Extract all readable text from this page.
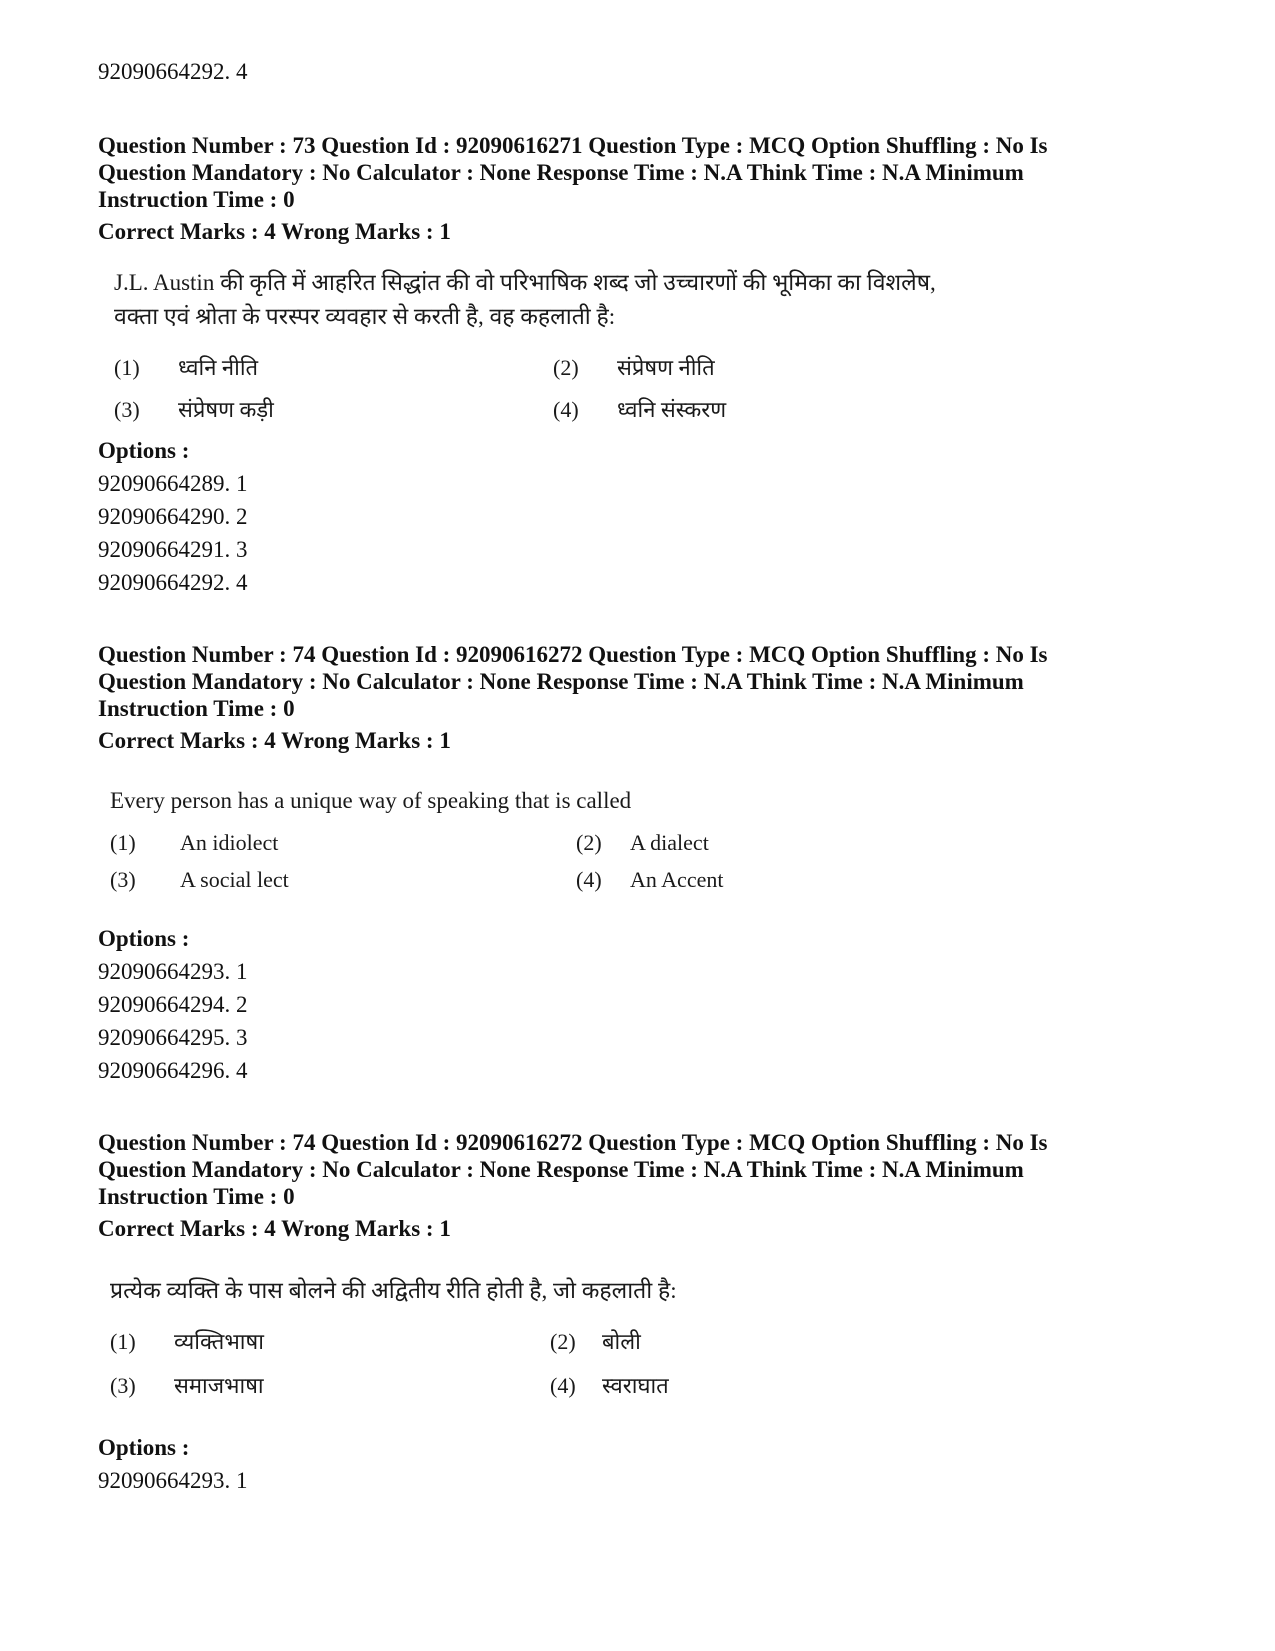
92090664292. 4
Question Number : 73 Question Id : 92090616271 Question Type : MCQ Option Shuffling : No Is
Question Mandatory : No Calculator : None Response Time : N.A Think Time : N.A Minimum
Instruction Time : 0
Correct Marks : 4 Wrong Marks : 1
J.L. Austin की कृति में आहरित सिद्धांत की वो परिभाषिक शब्द जो उच्चारणों की भूमिका का विशलेष,
वक्ता एवं श्रोता के परस्पर व्यवहार से करती है, वह कहलाती है:
(1) ध्वनि नीति	(2) संप्रेषण नीति
(3) संप्रेषण कड़ी	(4) ध्वनि संस्करण
Options :
92090664289. 1
92090664290. 2
92090664291. 3
92090664292. 4
Question Number : 74 Question Id : 92090616272 Question Type : MCQ Option Shuffling : No Is
Question Mandatory : No Calculator : None Response Time : N.A Think Time : N.A Minimum
Instruction Time : 0
Correct Marks : 4 Wrong Marks : 1
Every person has a unique way of speaking that is called
(1) An idiolect	(2) A dialect
(3) A social lect	(4) An Accent
Options :
92090664293. 1
92090664294. 2
92090664295. 3
92090664296. 4
Question Number : 74 Question Id : 92090616272 Question Type : MCQ Option Shuffling : No Is
Question Mandatory : No Calculator : None Response Time : N.A Think Time : N.A Minimum
Instruction Time : 0
Correct Marks : 4 Wrong Marks : 1
प्रत्येक व्यक्ति के पास बोलने की अद्वितीय रीति होती है, जो कहलाती है:
(1) व्यक्तिभाषा	(2) बोली
(3) समाजभाषा	(4) स्वराघात
Options :
92090664293. 1
